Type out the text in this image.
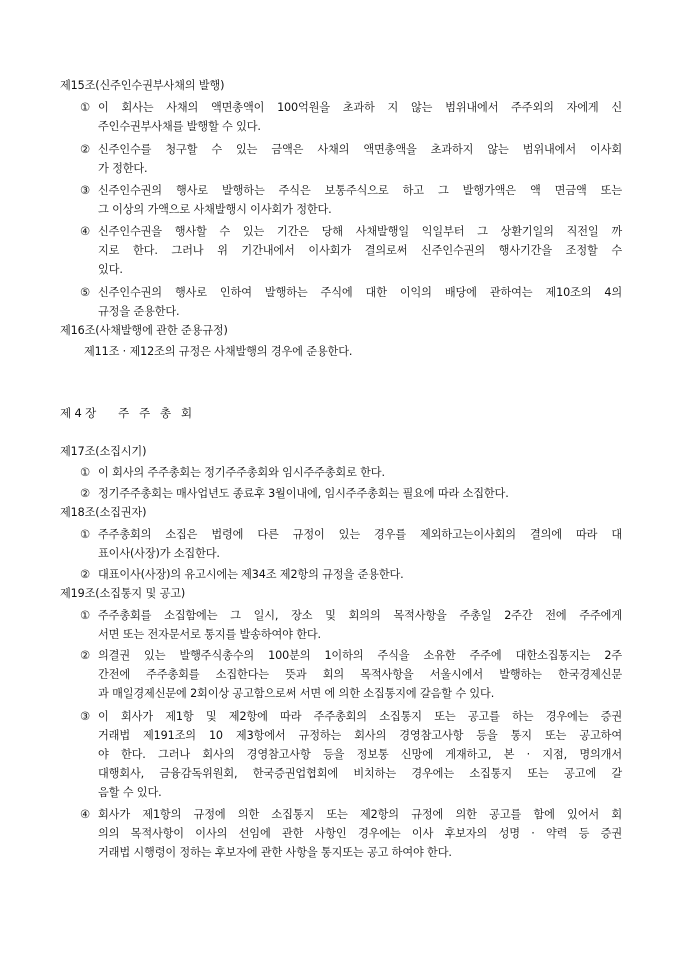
제15조(신주인수권부사채의 발행)
① 이 회사는 사채의 액면총액이 100억원을 초과하 지 않는 범위내에서 주주외의 자에게 신
주인수권부사채를 발행할 수 있다.
② 신주인수를 청구할 수 있는 금액은 사채의 액면총액을 초과하지 않는 범위내에서 이사회
가 정한다.
③ 신주인수권의 행사로 발행하는 주식은 보통주식으로 하고 그 발행가액은 액 면금액 또는
그 이상의 가액으로 사채발행시 이사회가 정한다.
④ 신주인수권을 행사할 수 있는 기간은 당해 사채발행일 익일부터 그 상환기일의 직전일 까
지로 한다. 그러나 위 기간내에서 이사회가 결의로써 신주인수권의 행사기간을 조정할 수
있다.
⑤ 신주인수권의 행사로 인하여 발행하는 주식에 대한 이익의 배당에 관하여는 제10조의 4의
규정을 준용한다.
제16조(사채발행에 관한 준용규정)
제11조 · 제12조의 규정은 사채발행의 경우에 준용한다.
제 4 장 주 주 총 회
제17조(소집시기)
① 이 회사의 주주총회는 정기주주총회와 임시주주총회로 한다.
② 정기주주총회는 매사업년도 종료후 3월이내에, 임시주주총회는 필요에 따라 소집한다.
제18조(소집권자)
① 주주총회의 소집은 법령에 다른 규정이 있는 경우를 제외하고는이사회의 결의에 따라 대
표이사(사장)가 소집한다.
② 대표이사(사장)의 유고시에는 제34조 제2항의 규정을 준용한다.
제19조(소집통지 및 공고)
① 주주총회를 소집함에는 그 일시, 장소 및 회의의 목적사항을 주총일 2주간 전에 주주에게
서면 또는 전자문서로 통지를 발송하여야 한다.
② 의결권 있는 발행주식총수의 100분의 1이하의 주식을 소유한 주주에 대한소집통지는 2주
간전에 주주총회를 소집한다는 뜻과 회의 목적사항을 서울시에서 발행하는 한국경제신문
과 매일경제신문에 2회이상 공고함으로써 서면 에 의한 소집통지에 갈음할 수 있다.
③ 이 회사가 제1항 및 제2항에 따라 주주총회의 소집통지 또는 공고를 하는 경우에는 증권
거래법 제191조의 10 제3항에서 규정하는 회사의 경영참고사항 등을 통지 또는 공고하여
야 한다. 그러나 회사의 경영참고사항 등을 정보통 신망에 게재하고, 본 · 지점, 명의개서
대행회사, 금융감독위원회, 한국증권업협회에 비치하는 경우에는 소집통지 또는 공고에 갈
음할 수 있다.
④ 회사가 제1항의 규정에 의한 소집통지 또는 제2항의 규정에 의한 공고를 함에 있어서 회
의의 목적사항이 이사의 선임에 관한 사항인 경우에는 이사 후보자의 성명 · 약력 등 증권
거래법 시행령이 정하는 후보자에 관한 사항을 통지또는 공고 하여야 한다.
